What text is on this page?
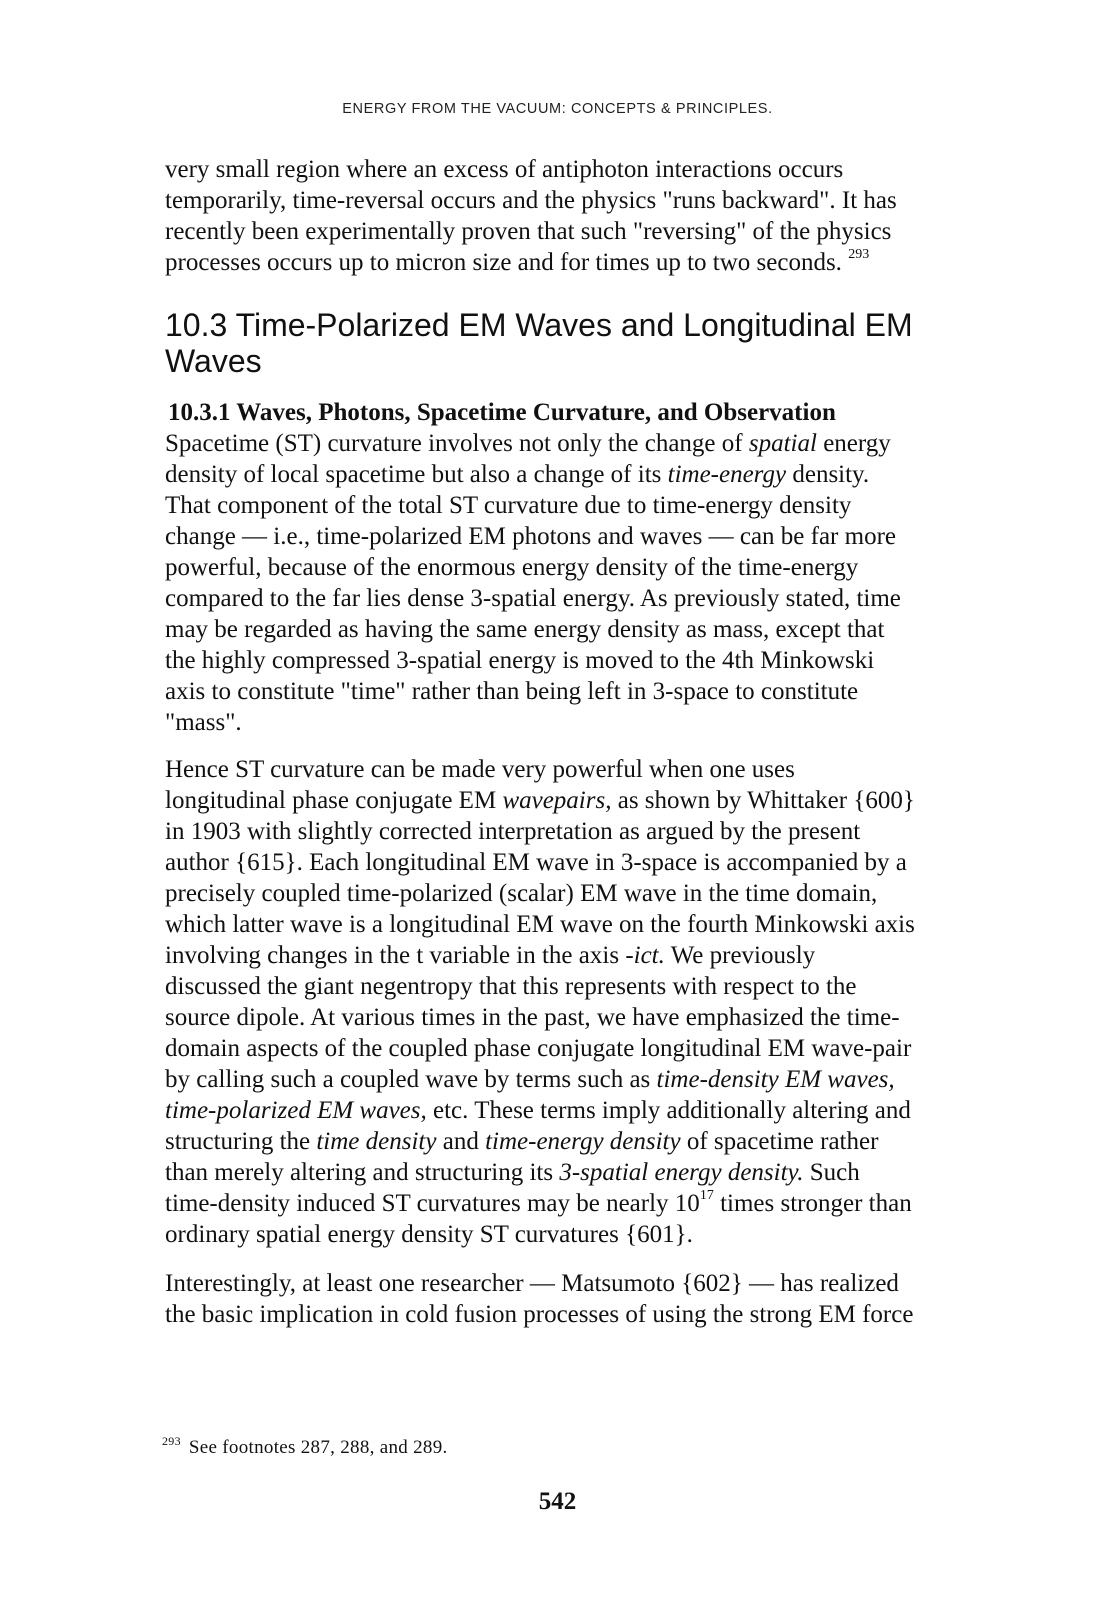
ENERGY FROM THE VACUUM: CONCEPTS & PRINCIPLES.
very small region where an excess of antiphoton interactions occurs
temporarily, time-reversal occurs and the physics "runs backward". It has
recently been experimentally proven that such "reversing" of the physics
processes occurs up to micron size and for times up to two seconds. $^{293}$
10.3 Time-Polarized EM Waves and Longitudinal EM Waves
10.3.1 Waves, Photons, Spacetime Curvature, and Observation
Spacetime (ST) curvature involves not only the change of spatial energy
density of local spacetime but also a change of its time-energy density.
That component of the total ST curvature due to time-energy density
change — i.e., time-polarized EM photons and waves — can be far more
powerful, because of the enormous energy density of the time-energy
compared to the far lies dense 3-spatial energy. As previously stated, time
may be regarded as having the same energy density as mass, except that
the highly compressed 3-spatial energy is moved to the 4th Minkowski
axis to constitute "time" rather than being left in 3-space to constitute
"mass".
Hence ST curvature can be made very powerful when one uses
longitudinal phase conjugate EM wavepairs, as shown by Whittaker {600}
in 1903 with slightly corrected interpretation as argued by the present
author {615}. Each longitudinal EM wave in 3-space is accompanied by a
precisely coupled time-polarized (scalar) EM wave in the time domain,
which latter wave is a longitudinal EM wave on the fourth Minkowski axis
involving changes in the t variable in the axis -ict. We previously
discussed the giant negentropy that this represents with respect to the
source dipole. At various times in the past, we have emphasized the time-
domain aspects of the coupled phase conjugate longitudinal EM wave-pair
by calling such a coupled wave by terms such as time-density EM waves,
time-polarized EM waves, etc. These terms imply additionally altering and
structuring the time density and time-energy density of spacetime rather
than merely altering and structuring its 3-spatial energy density. Such
time-density induced ST curvatures may be nearly 10$^{17}$ times stronger than
ordinary spatial energy density ST curvatures {601}.
Interestingly, at least one researcher — Matsumoto {602} — has realized
the basic implication in cold fusion processes of using the strong EM force
$^{293}$ See footnotes 287, 288, and 289.
542
